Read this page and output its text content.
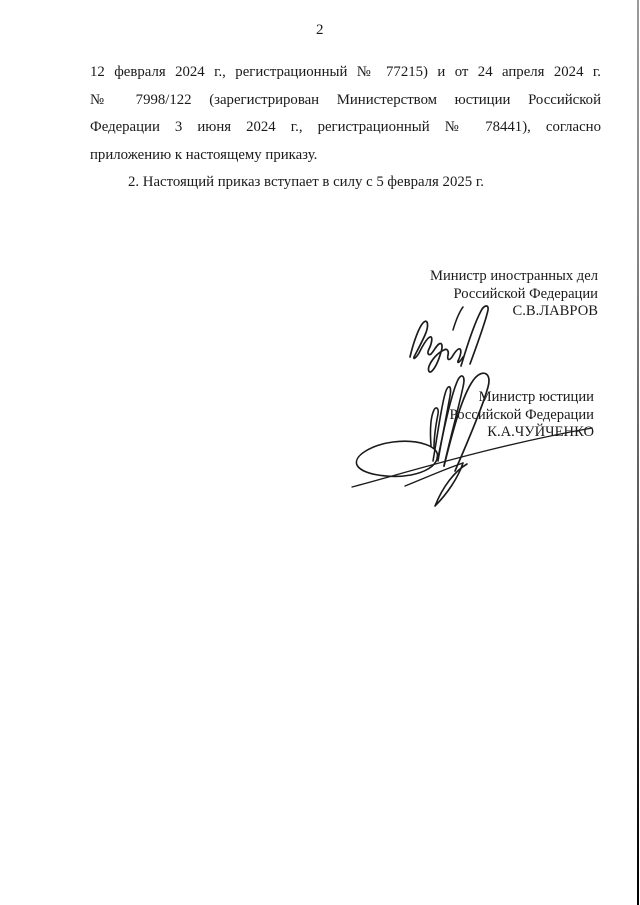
2
12 февраля 2024 г., регистрационный № 77215) и от 24 апреля 2024 г.
№ 7998/122 (зарегистрирован Министерством юстиции Российской
Федерации 3 июня 2024 г., регистрационный № 78441), согласно
приложению к настоящему приказу.
2. Настоящий приказ вступает в силу с 5 февраля 2025 г.
Министр иностранных дел
Российской Федерации
С.В.ЛАВРОВ
Министр юстиции
Российской Федерации
К.А.ЧУЙЧЕНКО
